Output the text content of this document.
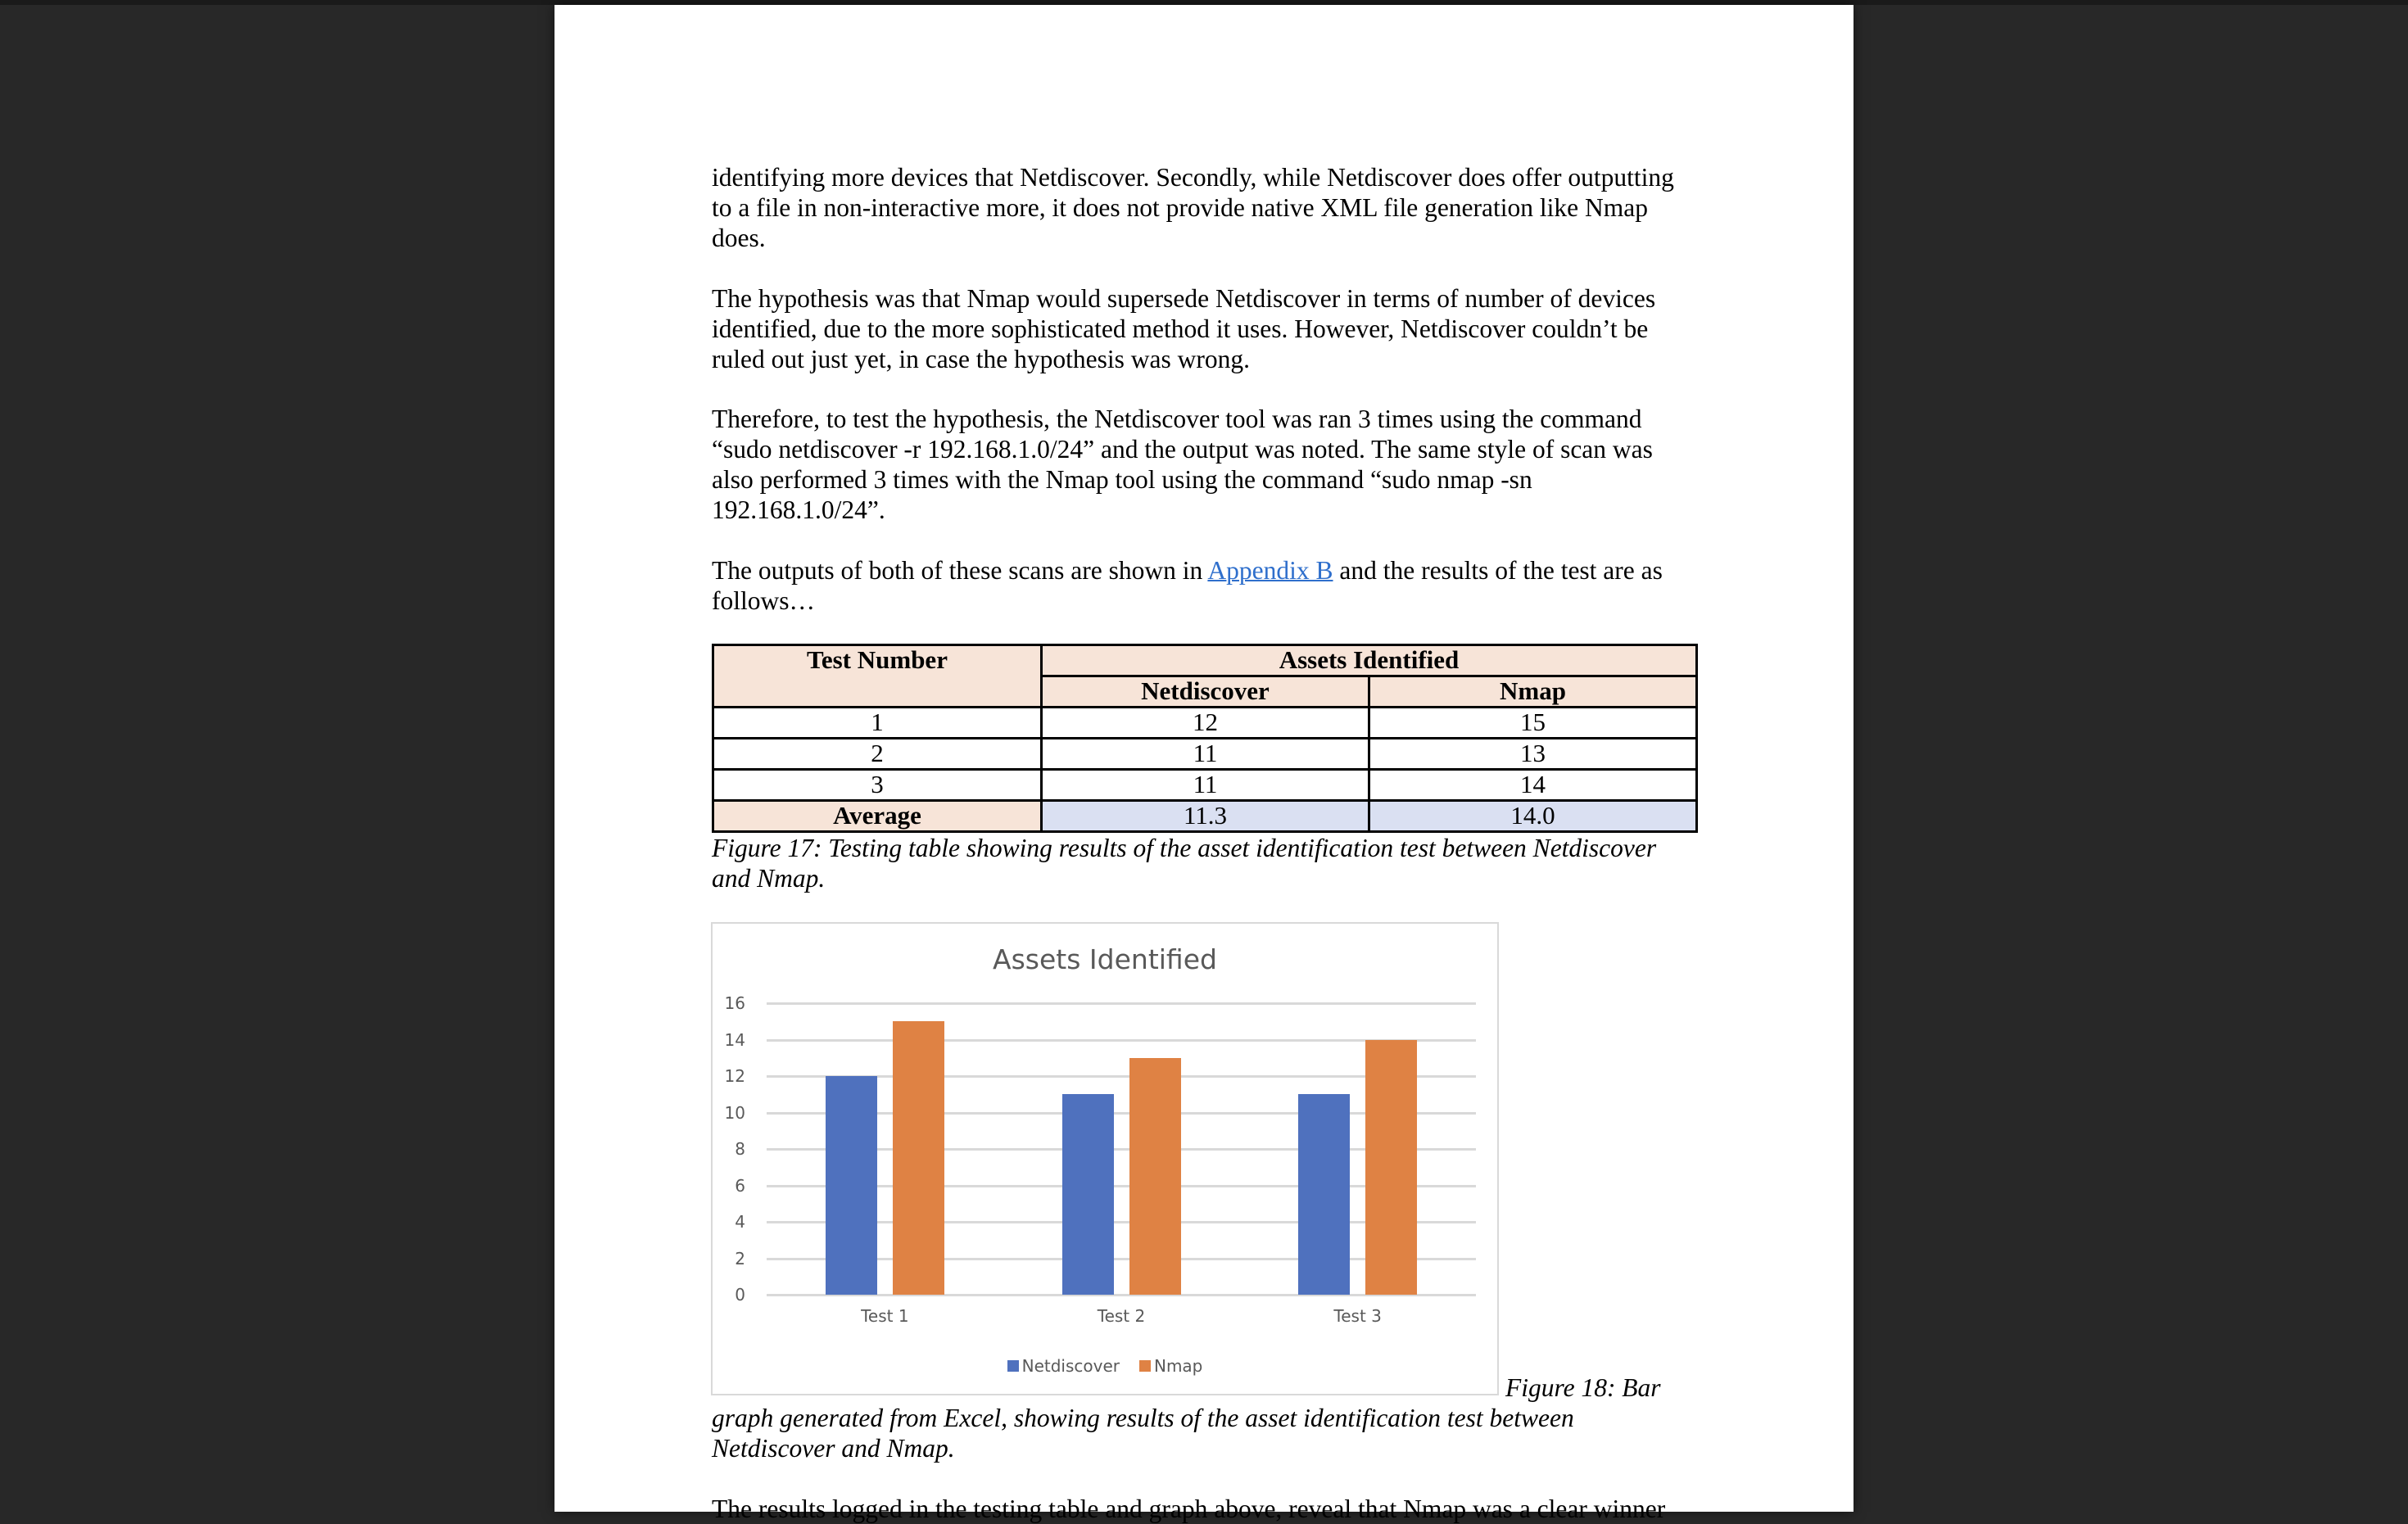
identifying more devices that Netdiscover. Secondly, while Netdiscover does offer outputting
to a file in non-interactive more, it does not provide native XML file generation like Nmap
does.

The hypothesis was that Nmap would supersede Netdiscover in terms of number of devices
identified, due to the more sophisticated method it uses. However, Netdiscover couldn’t be
ruled out just yet, in case the hypothesis was wrong.

Therefore, to test the hypothesis, the Netdiscover tool was ran 3 times using the command
“sudo netdiscover -r 192.168.1.0/24” and the output was noted. The same style of scan was
also performed 3 times with the Nmap tool using the command “sudo nmap -sn
192.168.1.0/24”.

The outputs of both of these scans are shown in Appendix B and the results of the test are as
follows…

Test Number	Assets Identified	
	Netdiscover	Nmap
1	12	15
2	11	13
3	11	14
Average	11.3	14.0

Figure 17: Testing table showing results of the asset identification test between Netdiscover
and Nmap.

Assets Identified
0
2
4
6
8
10
12
14
16
Test 1	Test 2	Test 3
Netdiscover Nmap
Figure 18: Bar

graph generated from Excel, showing results of the asset identification test between
Netdiscover and Nmap.

The results logged in the testing table and graph above, reveal that Nmap was a clear winner
